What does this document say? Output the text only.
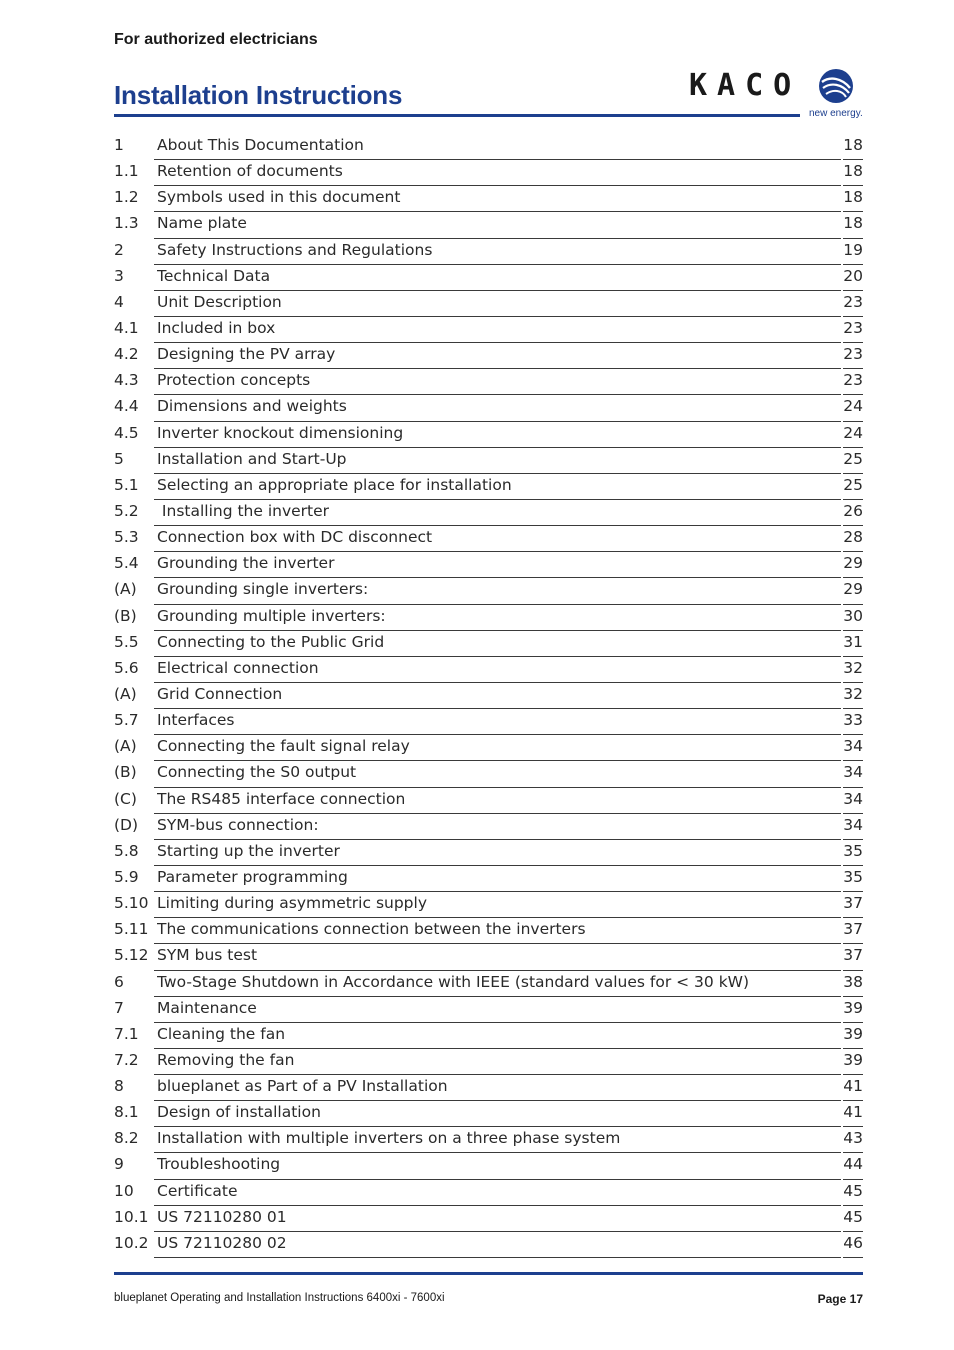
For authorized electricians
Installation Instructions	KACO
new energy.
1 About This Documentation	18
1.1 Retention of documents	18
1.2 Symbols used in this document	18
1.3 Name plate	18
2 Safety Instructions and Regulations	19
3 Technical Data	20
4 Unit Description	23
4.1 Included in box	23
4.2 Designing the PV array	23
4.3 Protection concepts	23
4.4 Dimensions and weights	24
4.5 Inverter knockout dimensioning	24
5 Installation and Start-Up	25
5.1 Selecting an appropriate place for installation	25
5.2 Installing the inverter	26
5.3 Connection box with DC disconnect	28
5.4 Grounding the inverter	29
(A) Grounding single inverters:	29
(B) Grounding multiple inverters:	30
5.5 Connecting to the Public Grid	31
5.6 Electrical connection	32
(A) Grid Connection	32
5.7 Interfaces	33
(A) Connecting the fault signal relay	34
(B) Connecting the S0 output	34
(C) The RS485 interface connection	34
(D) SYM-bus connection:	34
5.8 Starting up the inverter	35
5.9 Parameter programming	35
5.10 Limiting during asymmetric supply	37
5.11 The communications connection between the inverters	37
5.12 SYM bus test	37
6 Two-Stage Shutdown in Accordance with IEEE (standard values for < 30 kW)	38
7 Maintenance	39
7.1 Cleaning the fan	39
7.2 Removing the fan	39
8 blueplanet as Part of a PV Installation	41
8.1 Design of installation	41
8.2 Installation with multiple inverters on a three phase system	43
9 Troubleshooting	44
10 Certificate	45
10.1 US 72110280 01	45
10.2 US 72110280 02	46
blueplanet Operating and Installation Instructions 6400xi - 7600xi	Page 17
